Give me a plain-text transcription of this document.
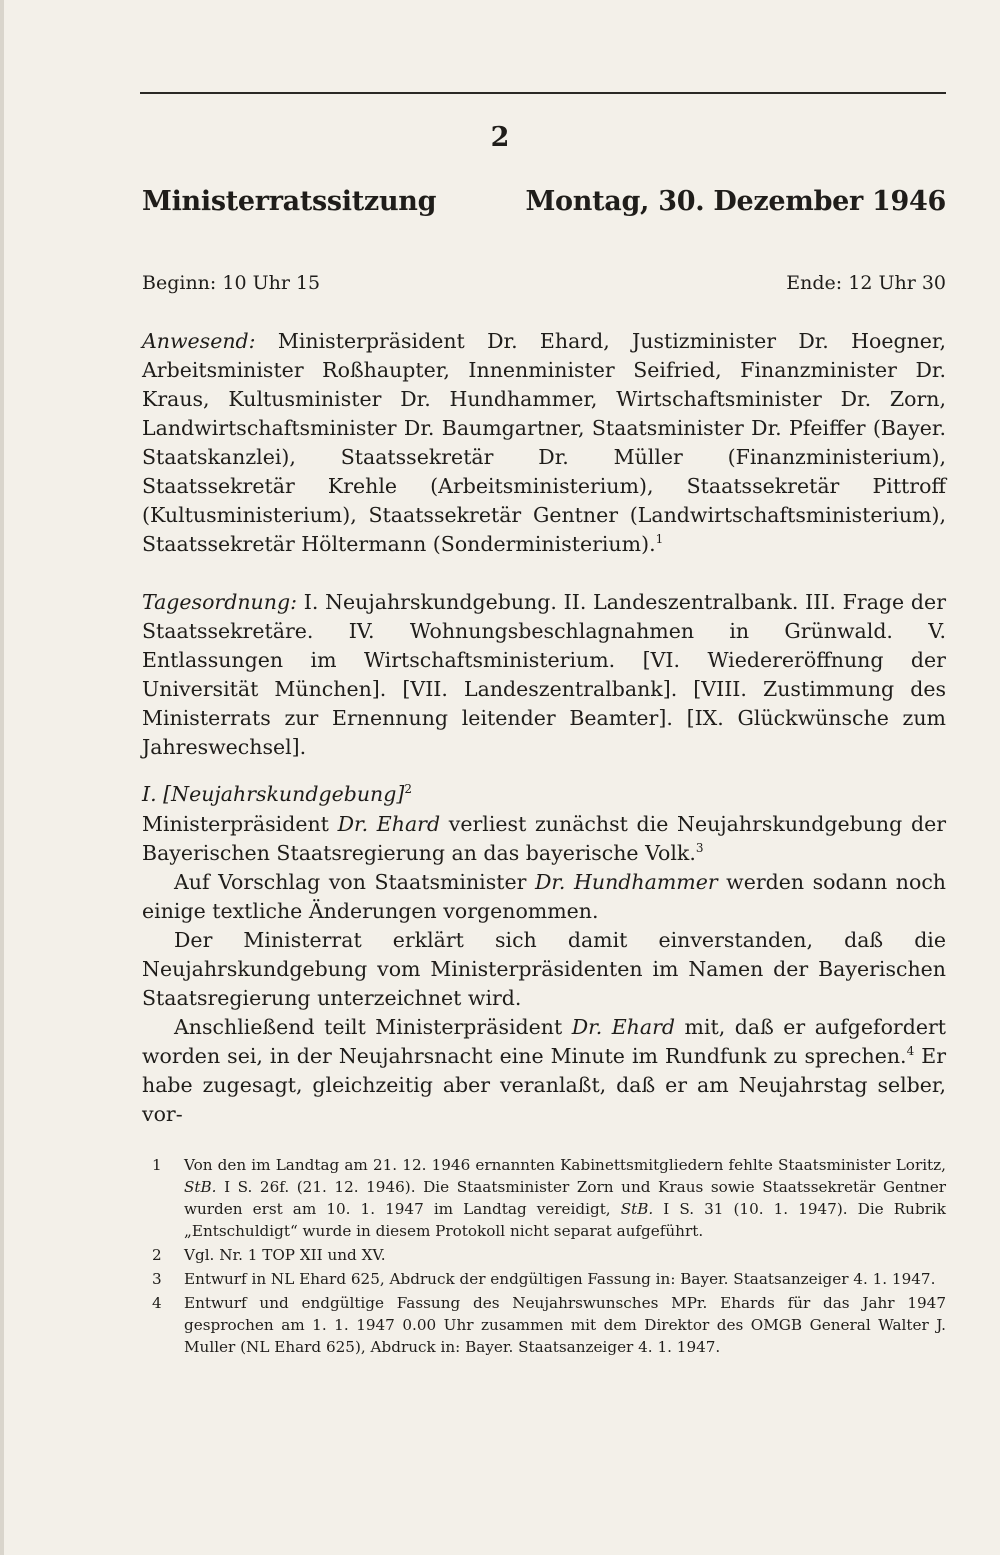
2
Ministerratssitzung	Montag, 30. Dezember 1946
Beginn: 10 Uhr 15	Ende: 12 Uhr 30

Anwesend: Ministerpräsident Dr. Ehard, Justizminister Dr. Hoegner, Arbeitsminister Roßhaupter, Innenminister Seifried, Finanzminister Dr. Kraus, Kultusminister Dr. Hundhammer, Wirtschaftsminister Dr. Zorn, Landwirtschaftsminister Dr. Baumgartner, Staatsminister Dr. Pfeiffer (Bayer. Staatskanzlei), Staatssekretär Dr. Müller (Finanzministerium), Staatssekretär Krehle (Arbeitsministerium), Staatssekretär Pittroff (Kultusministerium), Staatssekretär Gentner (Landwirtschaftsministerium), Staatssekretär Höltermann (Sonderministerium).$^1$

Tagesordnung: I. Neujahrskundgebung. II. Landeszentralbank. III. Frage der Staatssekretäre. IV. Wohnungsbeschlagnahmen in Grünwald. V. Entlassungen im Wirtschaftsministerium. [VI. Wiedereröffnung der Universität München]. [VII. Landeszentralbank]. [VIII. Zustimmung des Ministerrats zur Ernennung leitender Beamter]. [IX. Glückwünsche zum Jahreswechsel].

I. [Neujahrskundgebung]$^2$

Ministerpräsident Dr. Ehard verliest zunächst die Neujahrskundgebung der Bayerischen Staatsregierung an das bayerische Volk.$^3$

Auf Vorschlag von Staatsminister Dr. Hundhammer werden sodann noch einige textliche Änderungen vorgenommen.

Der Ministerrat erklärt sich damit einverstanden, daß die Neujahrskundgebung vom Ministerpräsidenten im Namen der Bayerischen Staatsregierung unterzeichnet wird.

Anschließend teilt Ministerpräsident Dr. Ehard mit, daß er aufgefordert worden sei, in der Neujahrsnacht eine Minute im Rundfunk zu sprechen.$^4$ Er habe zugesagt, gleichzeitig aber veranlaßt, daß er am Neujahrstag selber, vor-

1	Von den im Landtag am 21. 12. 1946 ernannten Kabinettsmitgliedern fehlte Staatsminister Loritz, StB. I S. 26f. (21. 12. 1946). Die Staatsminister Zorn und Kraus sowie Staatssekretär Gentner wurden erst am 10. 1. 1947 im Landtag vereidigt, StB. I S. 31 (10. 1. 1947). Die Rubrik „Entschuldigt“ wurde in diesem Protokoll nicht separat aufgeführt.
2	Vgl. Nr. 1 TOP XII und XV.
3	Entwurf in NL Ehard 625, Abdruck der endgültigen Fassung in: Bayer. Staatsanzeiger 4. 1. 1947.
4	Entwurf und endgültige Fassung des Neujahrswunsches MPr. Ehards für das Jahr 1947 gesprochen am 1. 1. 1947 0.00 Uhr zusammen mit dem Direktor des OMGB General Walter J. Muller (NL Ehard 625), Abdruck in: Bayer. Staatsanzeiger 4. 1. 1947.
